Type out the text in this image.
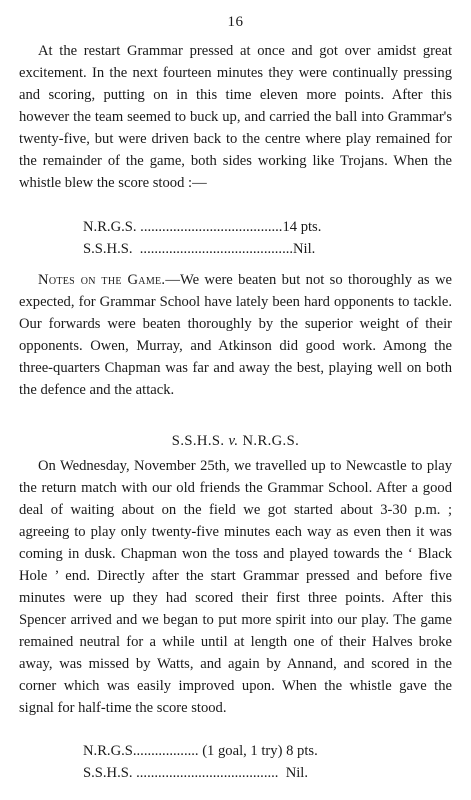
16

At the restart Grammar pressed at once and got over amidst great excitement. In the next fourteen minutes they were continually pressing and scoring, putting on in this time eleven more points. After this however the team seemed to buck up, and carried the ball into Grammar's twenty-five, but were driven back to the centre where play remained for the remainder of the game, both sides working like Trojans. When the whistle blew the score stood :—

N.R.G.S. .......................................14 pts.
S.S.H.S.  ..........................................Nil.

Notes on the Game.—We were beaten but not so thoroughly as we expected, for Grammar School have lately been hard opponents to tackle. Our forwards were beaten thoroughly by the superior weight of their opponents. Owen, Murray, and Atkinson did good work. Among the three-quarters Chapman was far and away the best, playing well on both the defence and the attack.

S.S.H.S. v. N.R.G.S.

On Wednesday, November 25th, we travelled up to Newcastle to play the return match with our old friends the Grammar School. After a good deal of waiting about on the field we got started about 3-30 p.m. ; agreeing to play only twenty-five minutes each way as even then it was coming in dusk. Chapman won the toss and played towards the ‘ Black Hole ’ end. Directly after the start Grammar pressed and before five minutes were up they had scored their first three points. After this Spencer arrived and we began to put more spirit into our play. The game remained neutral for a while until at length one of their Halves broke away, was missed by Watts, and again by Annand, and scored in the corner which was easily improved upon. When the whistle gave the signal for half-time the score stood.

N.R.G.S.................. (1 goal, 1 try) 8 pts.
S.S.H.S. .......................................  Nil.
